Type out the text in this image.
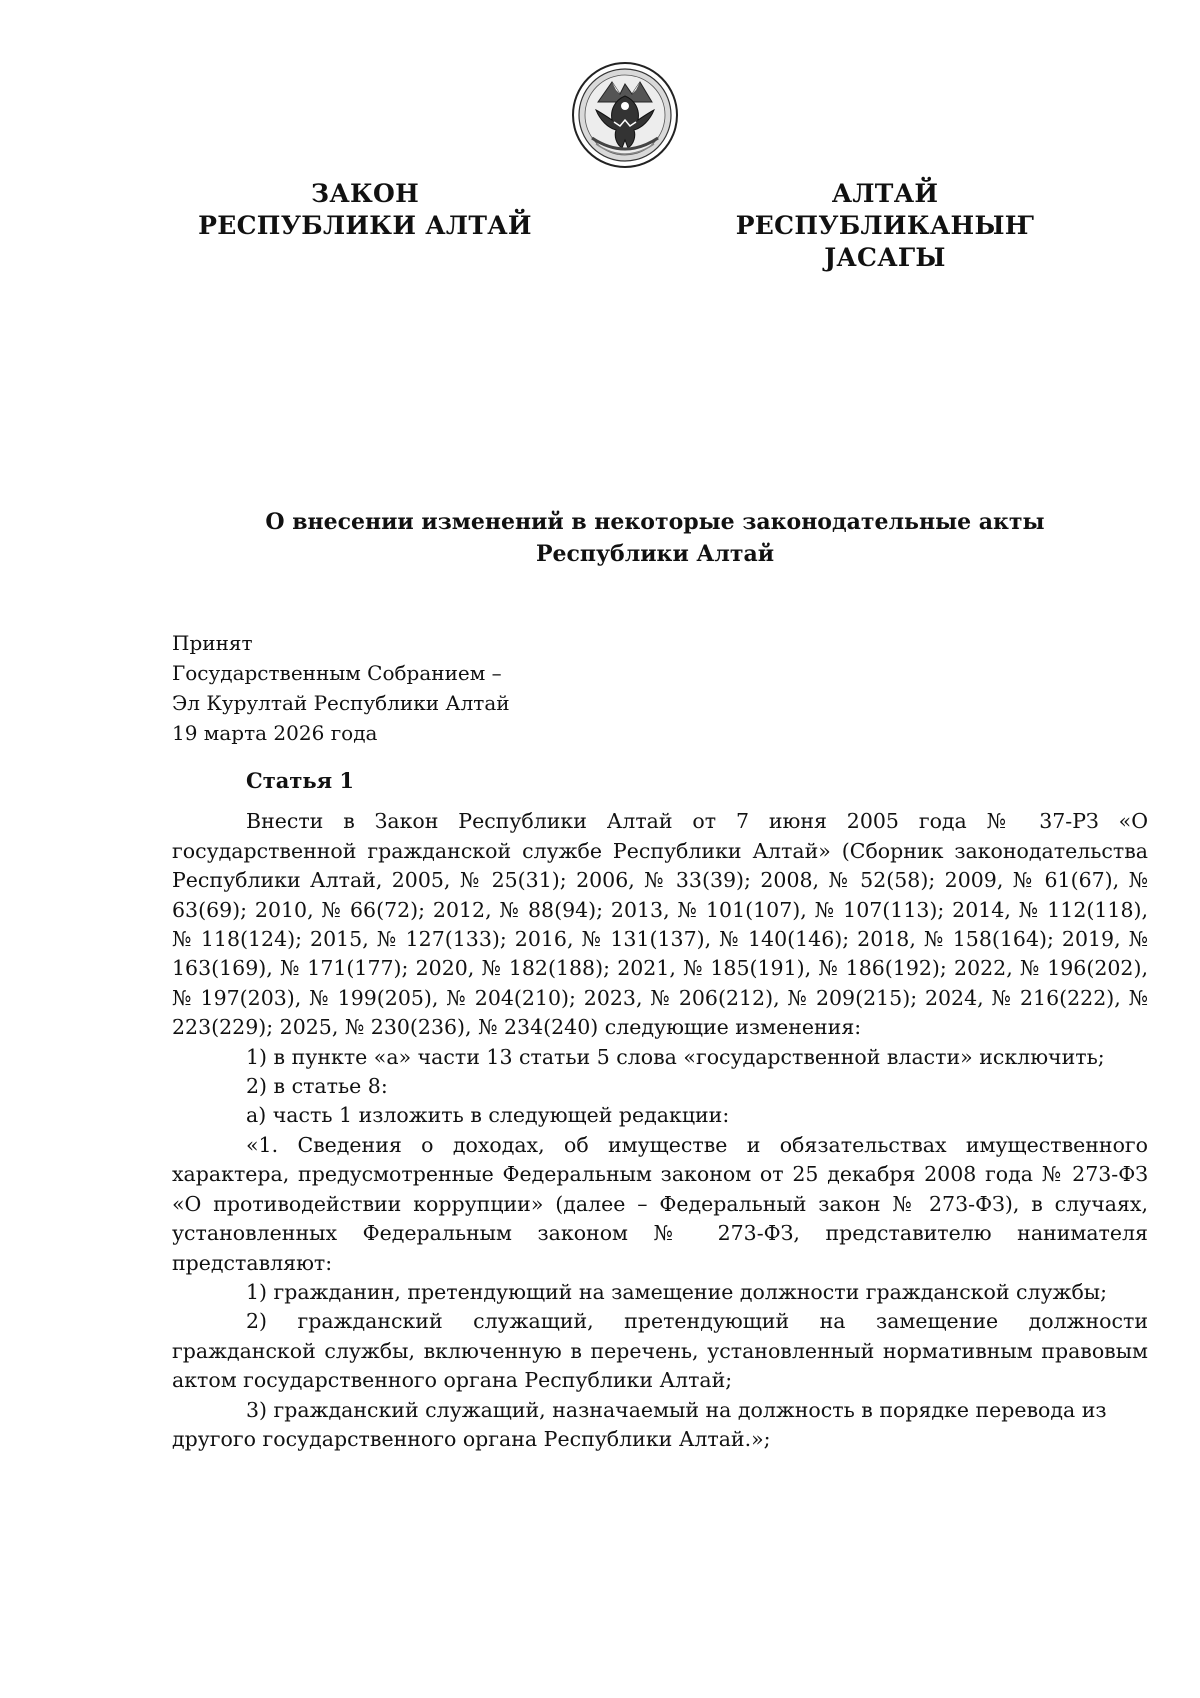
ЗАКОН
РЕСПУБЛИКИ АЛТАЙ
АЛТАЙ РЕСПУБЛИКАНЫҤ
JАСАГЫ
О внесении изменений в некоторые законодательные акты
Республики Алтай
Принят
Государственным Собранием –
Эл Курултай Республики Алтай
19 марта 2026 года

Статья 1

Внести в Закон Республики Алтай от 7 июня 2005 года № 37-РЗ «О государственной гражданской службе Республики Алтай» (Сборник законодательства Республики Алтай, 2005, № 25(31); 2006, № 33(39); 2008, № 52(58); 2009, № 61(67), № 63(69); 2010, № 66(72); 2012, № 88(94); 2013, № 101(107), № 107(113); 2014, № 112(118), № 118(124); 2015, № 127(133); 2016, № 131(137), № 140(146); 2018, № 158(164); 2019, № 163(169), № 171(177); 2020, № 182(188); 2021, № 185(191), № 186(192); 2022, № 196(202), № 197(203), № 199(205), № 204(210); 2023, № 206(212), № 209(215); 2024, № 216(222), № 223(229); 2025, № 230(236), № 234(240) следующие изменения:

1) в пункте «а» части 13 статьи 5 слова «государственной власти» исключить;

2) в статье 8:

а) часть 1 изложить в следующей редакции:

«1. Сведения о доходах, об имуществе и обязательствах имущественного характера, предусмотренные Федеральным законом от 25 декабря 2008 года № 273-ФЗ «О противодействии коррупции» (далее – Федеральный закон № 273-ФЗ), в случаях, установленных Федеральным законом № 273-ФЗ, представителю нанимателя представляют:

1) гражданин, претендующий на замещение должности гражданской службы;

2) гражданский служащий, претендующий на замещение должности гражданской службы, включенную в перечень, установленный нормативным правовым актом государственного органа Республики Алтай;

3) гражданский служащий, назначаемый на должность в порядке перевода из другого государственного органа Республики Алтай.»;
